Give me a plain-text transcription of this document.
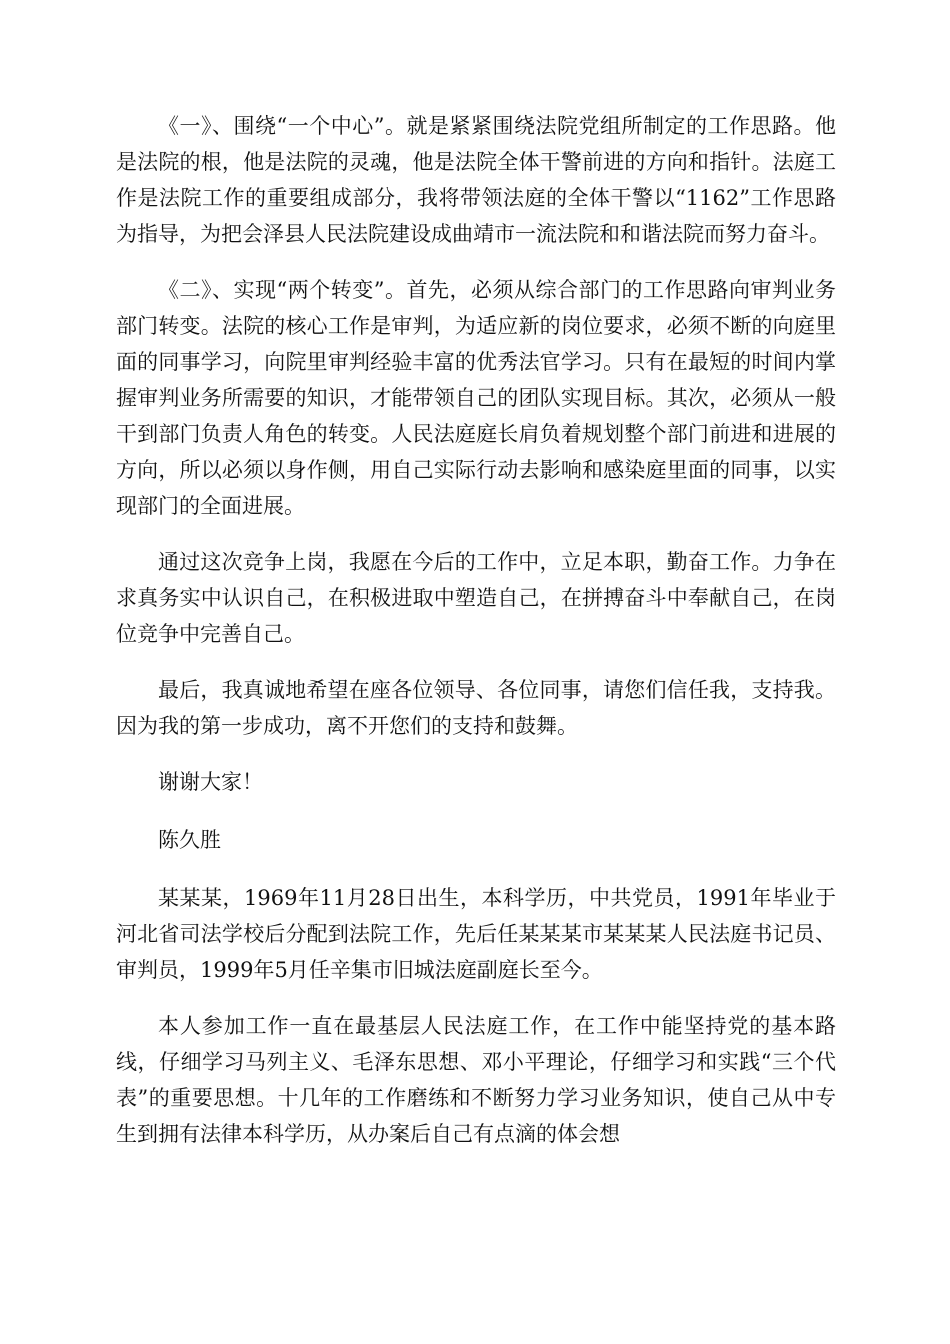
《一》、围绕“一个中心”。就是紧紧围绕法院党组所制定的工作思路。他是法院的根，他是法院的灵魂，他是法院全体干警前进的方向和指针。法庭工作是法院工作的重要组成部分，我将带领法庭的全体干警以“1162”工作思路为指导，为把会泽县人民法院建设成曲靖市一流法院和和谐法院而努力奋斗。

《二》、实现“两个转变”。首先，必须从综合部门的工作思路向审判业务部门转变。法院的核心工作是审判，为适应新的岗位要求，必须不断的向庭里面的同事学习，向院里审判经验丰富的优秀法官学习。只有在最短的时间内掌握审判业务所需要的知识，才能带领自己的团队实现目标。其次，必须从一般干到部门负责人角色的转变。人民法庭庭长肩负着规划整个部门前进和进展的方向，所以必须以身作侧，用自己实际行动去影响和感染庭里面的同事，以实现部门的全面进展。

通过这次竞争上岗，我愿在今后的工作中，立足本职，勤奋工作。力争在求真务实中认识自己，在积极进取中塑造自己，在拼搏奋斗中奉献自己，在岗位竞争中完善自己。

最后，我真诚地希望在座各位领导、各位同事，请您们信任我，支持我。因为我的第一步成功，离不开您们的支持和鼓舞。

谢谢大家！

陈久胜

某某某，1969年11月28日出生，本科学历，中共党员，1991年毕业于河北省司法学校后分配到法院工作，先后任某某某市某某某人民法庭书记员、审判员，1999年5月任辛集市旧城法庭副庭长至今。

本人参加工作一直在最基层人民法庭工作，在工作中能坚持党的基本路线，仔细学习马列主义、毛泽东思想、邓小平理论，仔细学习和实践“三个代表”的重要思想。十几年的工作磨练和不断努力学习业务知识，使自己从中专生到拥有法律本科学历，从办案后自己有点滴的体会想
